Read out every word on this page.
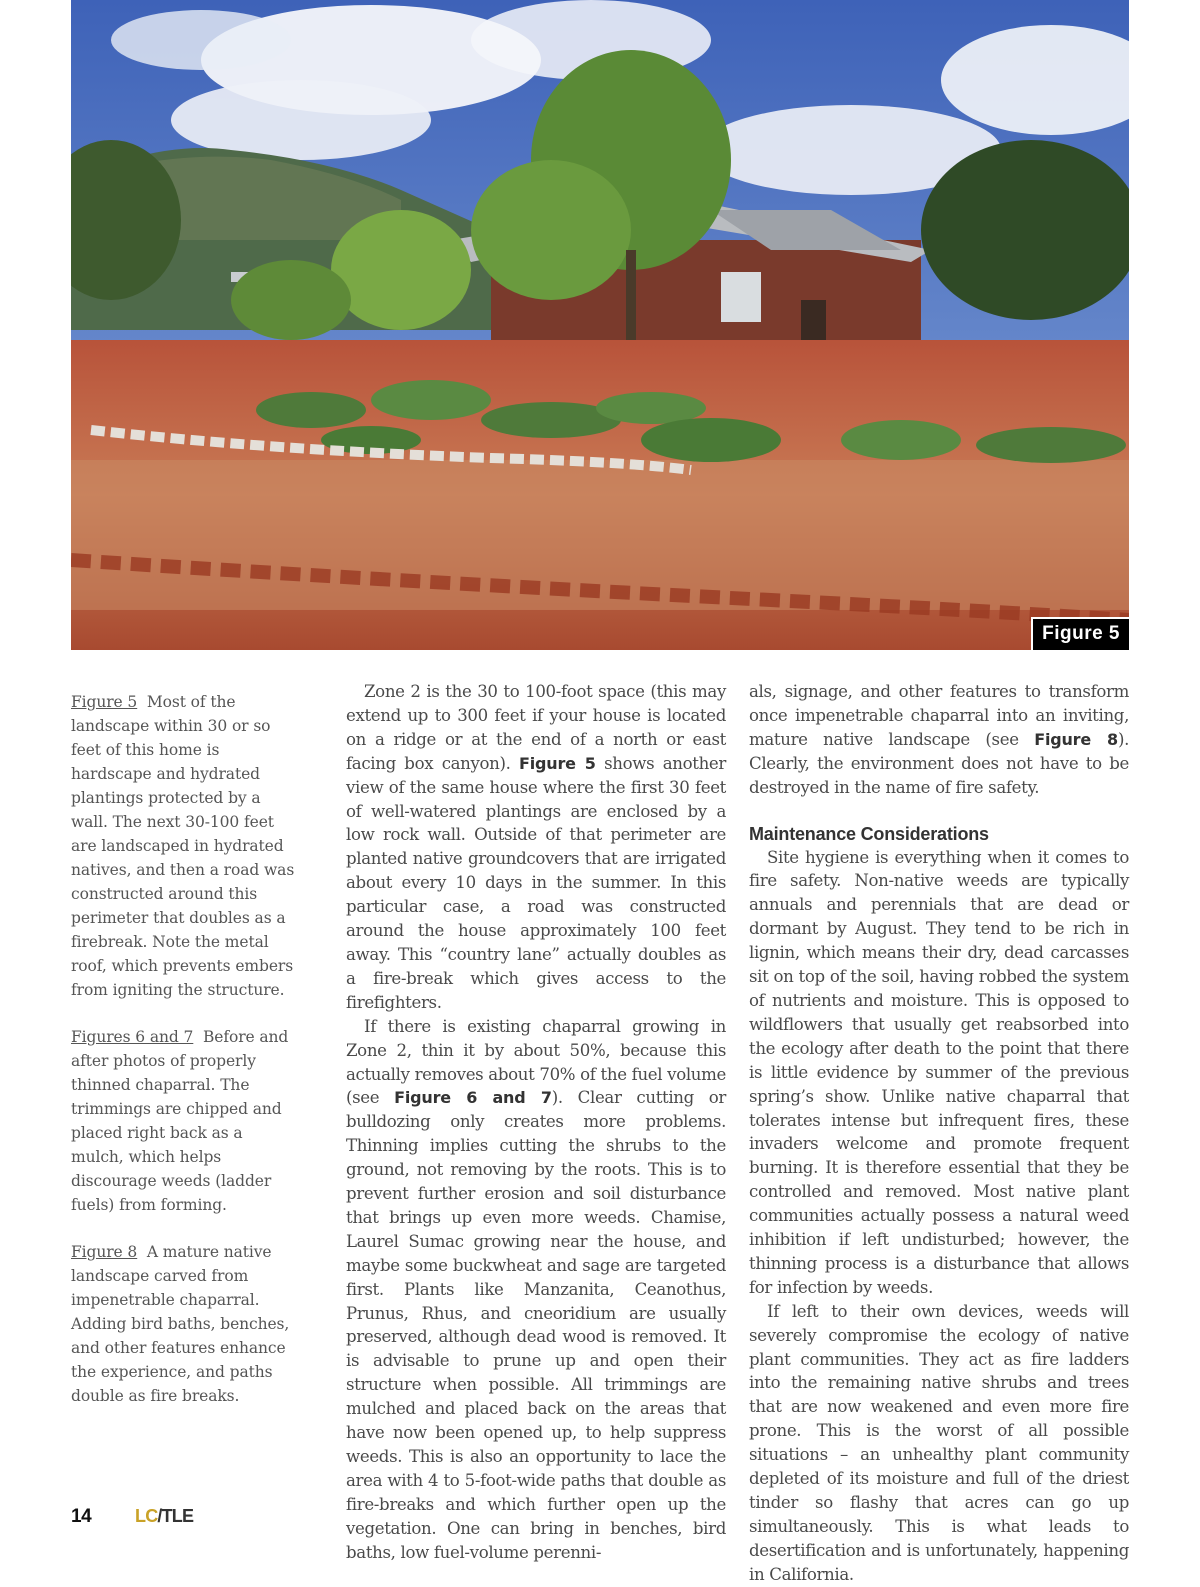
Figure 5

Figure 5 Most of the landscape within 30 or so feet of this home is hardscape and hydrated plantings protected by a wall. The next 30-100 feet are landscaped in hydrated natives, and then a road was constructed around this perimeter that doubles as a firebreak. Note the metal roof, which prevents embers from igniting the structure.

Figures 6 and 7 Before and after photos of properly thinned chaparral. The trimmings are chipped and placed right back as a mulch, which helps discourage weeds (ladder fuels) from forming.

Figure 8 A mature native landscape carved from impenetrable chaparral. Adding bird baths, benches, and other features enhance the experience, and paths double as fire breaks.

Zone 2 is the 30 to 100-foot space (this may extend up to 300 feet if your house is located on a ridge or at the end of a north or east facing box canyon). Figure 5 shows another view of the same house where the first 30 feet of well-watered plantings are enclosed by a low rock wall. Outside of that perimeter are planted native groundcovers that are irrigated about every 10 days in the summer. In this particular case, a road was constructed around the house approximately 100 feet away. This “country lane” actually doubles as a fire-break which gives access to the firefighters.

If there is existing chaparral growing in Zone 2, thin it by about 50%, because this actually removes about 70% of the fuel volume (see Figure 6 and 7). Clear cutting or bulldozing only creates more problems. Thinning implies cutting the shrubs to the ground, not removing by the roots. This is to prevent further erosion and soil disturbance that brings up even more weeds. Chamise, Laurel Sumac growing near the house, and maybe some buckwheat and sage are targeted first. Plants like Manzanita, Ceanothus, Prunus, Rhus, and cneoridium are usually preserved, although dead wood is removed. It is advisable to prune up and open their structure when possible. All trimmings are mulched and placed back on the areas that have now been opened up, to help suppress weeds. This is also an opportunity to lace the area with 4 to 5-foot-wide paths that double as fire-breaks and which further open up the vegetation. One can bring in benches, bird baths, low fuel-volume perenni-

als, signage, and other features to transform once impenetrable chaparral into an inviting, mature native landscape (see Figure 8). Clearly, the environment does not have to be destroyed in the name of fire safety.

Maintenance Considerations

Site hygiene is everything when it comes to fire safety. Non-native weeds are typically annuals and perennials that are dead or dormant by August. They tend to be rich in lignin, which means their dry, dead carcasses sit on top of the soil, having robbed the system of nutrients and moisture. This is opposed to wildflowers that usually get reabsorbed into the ecology after death to the point that there is little evidence by summer of the previous spring’s show. Unlike native chaparral that tolerates intense but infrequent fires, these invaders welcome and promote frequent burning. It is therefore essential that they be controlled and removed. Most native plant communities actually possess a natural weed inhibition if left undisturbed; however, the thinning process is a disturbance that allows for infection by weeds.

If left to their own devices, weeds will severely compromise the ecology of native plant communities. They act as fire ladders into the remaining native shrubs and trees that are now weakened and even more fire prone. This is the worst of all possible situations – an unhealthy plant community depleted of its moisture and full of the driest tinder so flashy that acres can go up simultaneously. This is what leads to desertification and is unfortunately, happening in California.

14 LC/TLE
